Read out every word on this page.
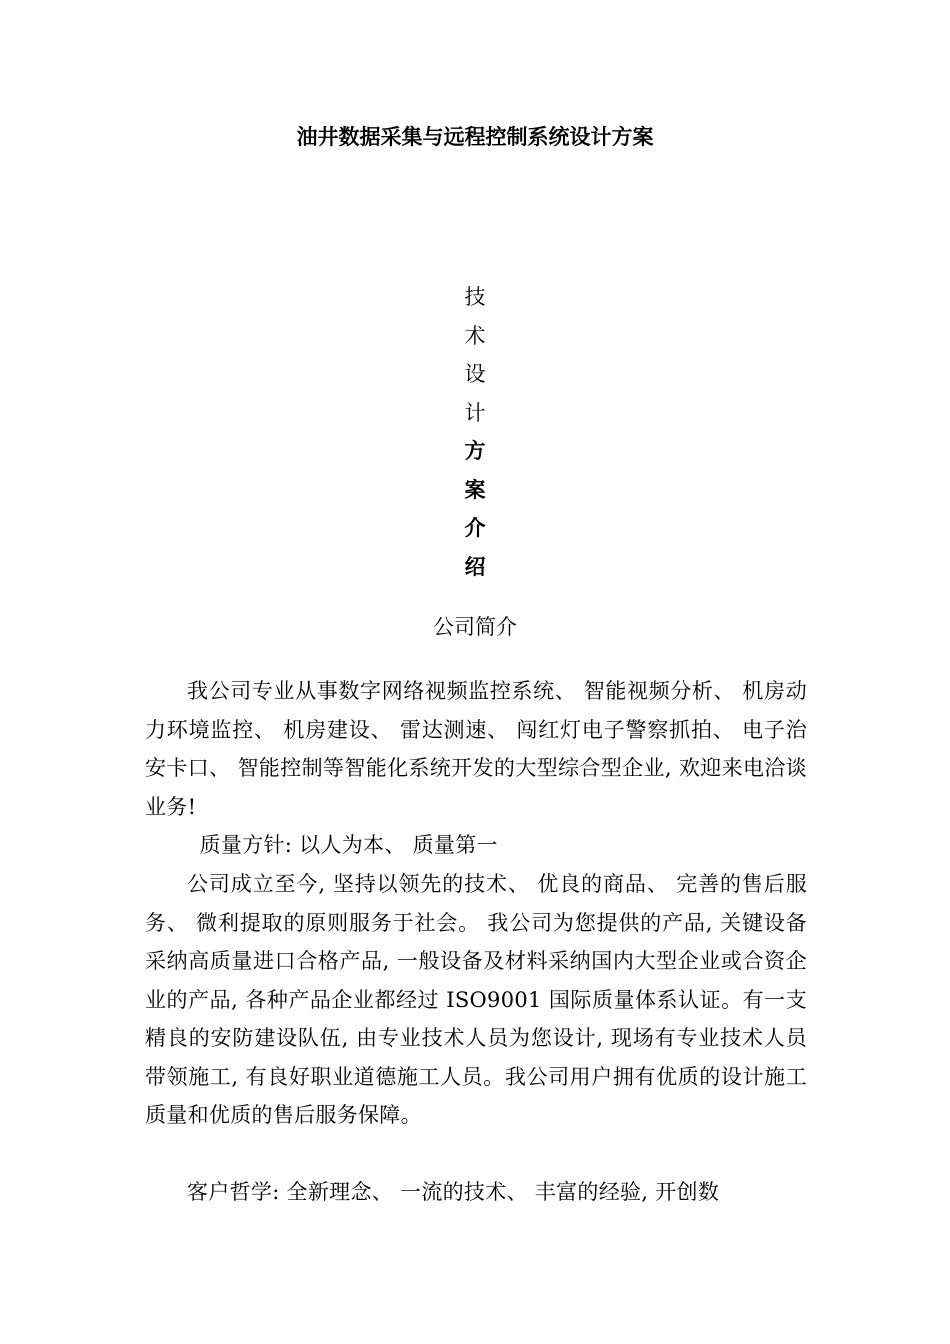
油井数据采集与远程控制系统设计方案
技
术
设
计
方
案
介
绍
公司简介

我公司专业从事数字网络视频监控系统、 智能视频分析、 机房动力环境监控、 机房建设、 雷达测速、 闯红灯电子警察抓拍、 电子治安卡口、 智能控制等智能化系统开发的大型综合型企业, 欢迎来电洽谈业务!

质量方针: 以人为本、 质量第一

公司成立至今, 坚持以领先的技术、 优良的商品、 完善的售后服务、 微利提取的原则服务于社会。 我公司为您提供的产品, 关键设备采纳高质量进口合格产品, 一般设备及材料采纳国内大型企业或合资企业的产品, 各种产品企业都经过 ISO9001 国际质量体系认证。有一支精良的安防建设队伍, 由专业技术人员为您设计, 现场有专业技术人员带领施工, 有良好职业道德施工人员。我公司用户拥有优质的设计施工质量和优质的售后服务保障。

客户哲学: 全新理念、 一流的技术、 丰富的经验, 开创数
